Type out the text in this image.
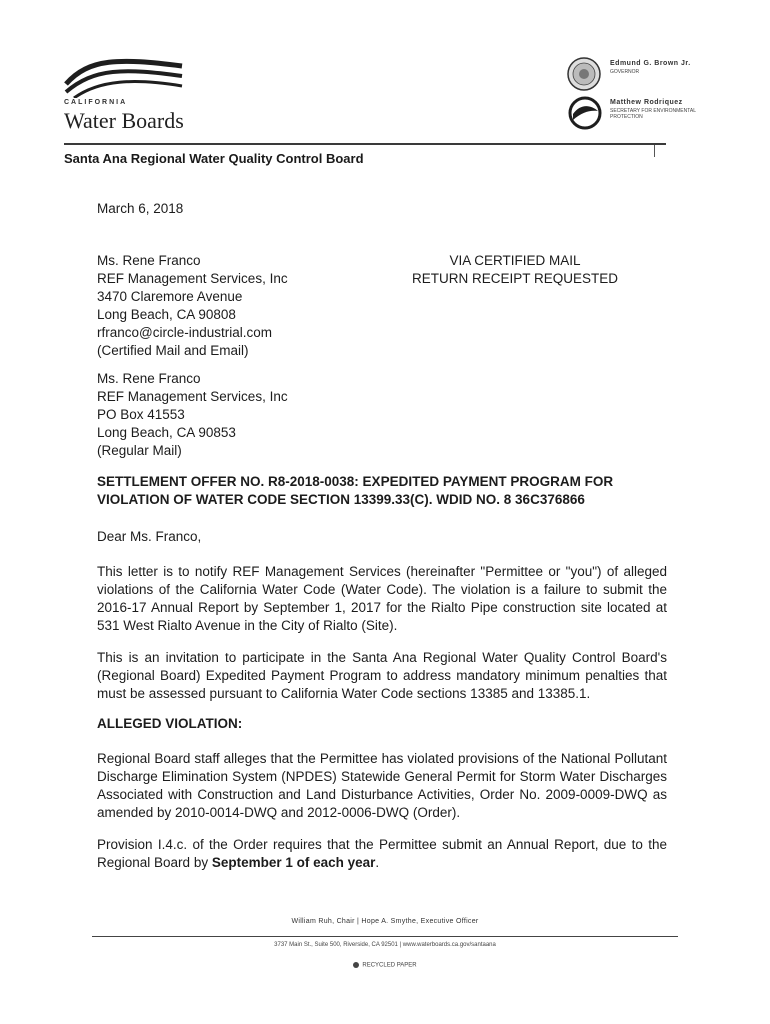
CALIFORNIA
Water Boards
Edmund G. Brown Jr.
GOVERNOR
Matthew Rodriquez
SECRETARY FOR ENVIRONMENTAL PROTECTION
Santa Ana Regional Water Quality Control Board
March 6, 2018
Ms. Rene Franco
REF Management Services, Inc
3470 Claremore Avenue
Long Beach, CA 90808
rfranco@circle-industrial.com
(Certified Mail and Email)
VIA CERTIFIED MAIL
RETURN RECEIPT REQUESTED
Ms. Rene Franco
REF Management Services, Inc
PO Box 41553
Long Beach, CA 90853
(Regular Mail)
SETTLEMENT OFFER NO. R8-2018-0038: EXPEDITED PAYMENT PROGRAM FOR VIOLATION OF WATER CODE SECTION 13399.33(C). WDID NO. 8 36C376866
Dear Ms. Franco,
This letter is to notify REF Management Services (hereinafter "Permittee or "you") of alleged violations of the California Water Code (Water Code). The violation is a failure to submit the 2016-17 Annual Report by September 1, 2017 for the Rialto Pipe construction site located at 531 West Rialto Avenue in the City of Rialto (Site).
This is an invitation to participate in the Santa Ana Regional Water Quality Control Board's (Regional Board) Expedited Payment Program to address mandatory minimum penalties that must be assessed pursuant to California Water Code sections 13385 and 13385.1.
ALLEGED VIOLATION:
Regional Board staff alleges that the Permittee has violated provisions of the National Pollutant Discharge Elimination System (NPDES) Statewide General Permit for Storm Water Discharges Associated with Construction and Land Disturbance Activities, Order No. 2009-0009-DWQ as amended by 2010-0014-DWQ and 2012-0006-DWQ (Order).
Provision I.4.c. of the Order requires that the Permittee submit an Annual Report, due to the Regional Board by September 1 of each year.
William Ruh, Chair | Hope A. Smythe, Executive Officer
3737 Main St., Suite 500, Riverside, CA 92501 | www.waterboards.ca.gov/santaana
RECYCLED PAPER
